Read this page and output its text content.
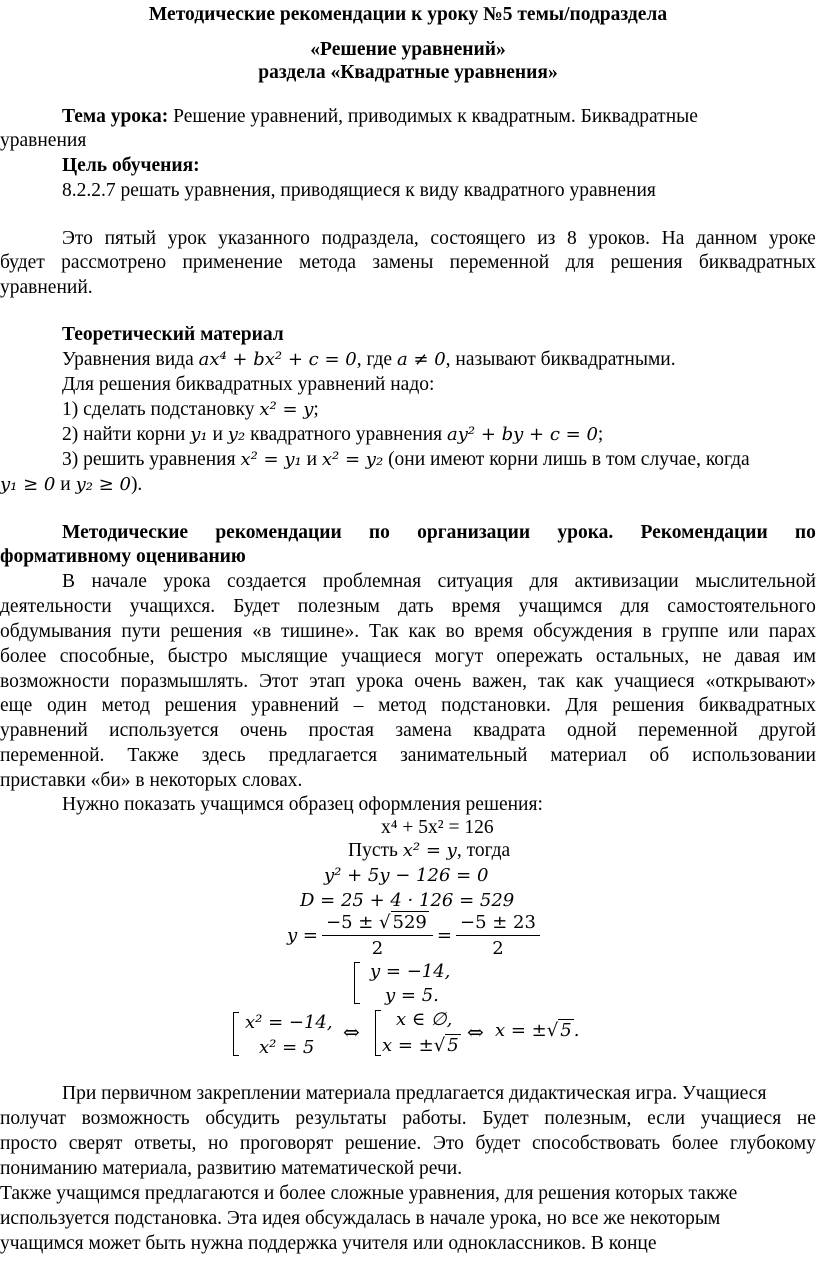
Методические рекомендации к уроку №5 темы/подраздела
«Решение уравнений»
раздела «Квадратные уравнения»
Тема урока: Решение уравнений, приводимых к квадратным. Биквадратные
уравнения
Цель обучения:
8.2.2.7 решать уравнения, приводящиеся к виду квадратного уравнения
Это пятый урок указанного подраздела, состоящего из 8 уроков. На данном уроке
будет рассмотрено применение метода замены переменной для решения биквадратных
уравнений.
Теоретический материал
Уравнения вида ax⁴ + bx² + c = 0, где a ≠ 0, называют биквадратными.
Для решения биквадратных уравнений надо:
1) сделать подстановку x² = y;
2) найти корни y₁ и y₂ квадратного уравнения ay² + by + c = 0;
3) решить уравнения x² = y₁ и x² = y₂ (они имеют корни лишь в том случае, когда
y₁ ≥ 0 и y₂ ≥ 0).
Методические рекомендации по организации урока. Рекомендации по
формативному оцениванию
В начале урока создается проблемная ситуация для активизации мыслительной
деятельности учащихся. Будет полезным дать время учащимся для самостоятельного
обдумывания пути решения «в тишине». Так как во время обсуждения в группе или парах
более способные, быстро мыслящие учащиеся могут опережать остальных, не давая им
возможности поразмышлять. Этот этап урока очень важен, так как учащиеся «открывают»
еще один метод решения уравнений – метод подстановки. Для решения биквадратных
уравнений используется очень простая замена квадрата одной переменной другой
переменной. Также здесь предлагается занимательный материал об использовании
приставки «би» в некоторых словах.
Нужно показать учащимся образец оформления решения:
x⁴ + 5x² = 126
Пусть x² = y, тогда
y² + 5y − 126 = 0
D = 25 + 4 · 126 = 529
$y = \frac{-5 \pm √ 529}{2} = \frac{-5 \pm 23}{2}$
y = −14,
y = 5.
x² = −14,
x² = 5
⇔
x ∈ ∅,
x = ±√ 5
⇔ x = ±√ 5 .
При первичном закреплении материала предлагается дидактическая игра. Учащиеся
получат возможность обсудить результаты работы. Будет полезным, если учащиеся не
просто сверят ответы, но проговорят решение. Это будет способствовать более глубокому
пониманию материала, развитию математической речи.
Также учащимся предлагаются и более сложные уравнения, для решения которых также
используется подстановка. Эта идея обсуждалась в начале урока, но все же некоторым
учащимся может быть нужна поддержка учителя или одноклассников. В конце
